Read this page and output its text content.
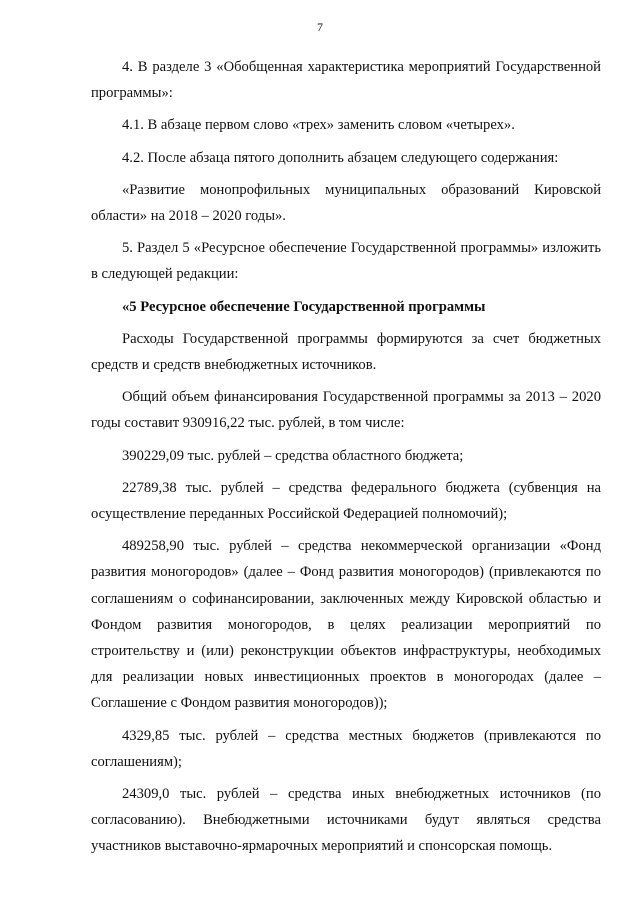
7

4. В разделе 3 «Обобщенная характеристика мероприятий Государственной программы»:

4.1. В абзаце первом слово «трех» заменить словом «четырех».

4.2. После абзаца пятого дополнить абзацем следующего содержания:

«Развитие монопрофильных муниципальных образований Кировской области» на 2018 – 2020 годы».

5. Раздел 5 «Ресурсное обеспечение Государственной программы» изложить в следующей редакции:

«5 Ресурсное обеспечение Государственной программы

Расходы Государственной программы формируются за счет бюджетных средств и средств внебюджетных источников.

Общий объем финансирования Государственной программы за 2013 – 2020 годы составит 930916,22 тыс. рублей, в том числе:

390229,09 тыс. рублей – средства областного бюджета;

22789,38 тыс. рублей – средства федерального бюджета (субвенция на осуществление переданных Российской Федерацией полномочий);

489258,90 тыс. рублей – средства некоммерческой организации «Фонд развития моногородов» (далее – Фонд развития моногородов) (привлекаются по соглашениям о софинансировании, заключенных между Кировской областью и Фондом развития моногородов, в целях реализации мероприятий по строительству и (или) реконструкции объектов инфраструктуры, необходимых для реализации новых инвестиционных проектов в моногородах (далее – Соглашение с Фондом развития моногородов));

4329,85 тыс. рублей – средства местных бюджетов (привлекаются по соглашениям);

24309,0 тыс. рублей – средства иных внебюджетных источников (по согласованию). Внебюджетными источниками будут являться средства участников выставочно-ярмарочных мероприятий и спонсорская помощь.
